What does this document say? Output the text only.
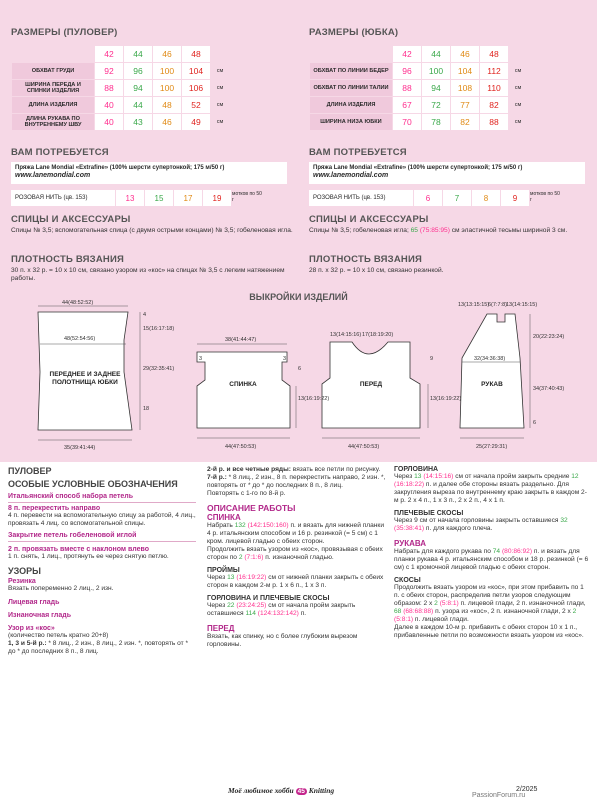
РАЗМЕРЫ (ПУЛОВЕР)	РАЗМЕРЫ (ЮБКА)
	42	44	46	48	
ОБХВАТ ГРУДИ	92	96	100	104	см
ШИРИНА ПЕРЕДА И СПИНКИ ИЗДЕЛИЯ	88	94	100	106	см
ДЛИНА ИЗДЕЛИЯ	40	44	48	52	см
ДЛИНА РУКАВА ПО ВНУТРЕННЕМУ ШВУ	40	43	46	49	см
	42	44	46	48	
ОБХВАТ ПО ЛИНИИ БЕДЕР	96	100	104	112	см
ОБХВАТ ПО ЛИНИИ ТАЛИИ	88	94	108	110	см
ДЛИНА ИЗДЕЛИЯ	67	72	77	82	см
ШИРИНА НИЗА ЮБКИ	70	78	82	88	см
ВАМ ПОТРЕБУЕТСЯ	ВАМ ПОТРЕБУЕТСЯ
Пряжа Lane Mondial «Extrafine» (100% шерсти супертонкой; 175 м/50 г)
www.lanemondial.com
РОЗОВАЯ НИТЬ (цв. 153)	13	15	17	19	мотков по 50 г
Пряжа Lane Mondial «Extrafine» (100% шерсти супертонкой; 175 м/50 г)
www.lanemondial.com
РОЗОВАЯ НИТЬ (цв. 153)	6	7	8	9	мотков по 50 г
СПИЦЫ И АКСЕССУАРЫ	СПИЦЫ И АКСЕССУАРЫ
Спицы № 3,5; вспомогательная спица (с двумя острыми концами) № 3,5; гобеленовая игла.	Спицы № 3,5; гобеленовая игла; 65 (75:85:95) см эластичной тесьмы шириной 3 см.
ПЛОТНОСТЬ ВЯЗАНИЯ	ПЛОТНОСТЬ ВЯЗАНИЯ
30 п. х 32 р. = 10 х 10 см, связано узором из «кос» на спицах № 3,5 с легким натяжением работы.
28 п. х 32 р. = 10 х 10 см, связано резинкой.
ВЫКРОЙКИ ИЗДЕЛИЙ
44(48:52:52)
48(52:54:56)
35(39:41:44)
4
15(16:17:18)
29(32:35:41)
18
38(41:44:47)
44(47:50:53)
3	3
13(16:19:22)
6
13(14:15:16) 17(18:19:20)
44(47:50:53)
13(16:19:22)
9
13(13:15:15)
6(7:7:8) 13(14:15:15)
32(34:36:38)
25(27:29:31)
20(22:23:24)
34(37:40:43)
6
ПЕРЕДНЕЕ И ЗАДНЕЕ
ПОЛОТНИЩА ЮБКИ	СПИНКА	ПЕРЕД	РУКАВ
ПУЛОВЕР
ОСОБЫЕ УСЛОВНЫЕ ОБОЗНАЧЕНИЯ
Итальянский способ набора петель
8 п. перекрестить направо

4 п. перевести на вспомогательную спицу за работой, 4 лиц., провязать 4 лиц. со вспомогательной спицы.

Закрытие петель гобеленовой иглой
2 п. провязать вместе с наклоном влево

1 п. снять, 1 лиц., протянуть ее через снятую петлю.

УЗОРЫ
Резинка

Вязать попеременно 2 лиц., 2 изн.

Лицевая гладь
Изнаночная гладь
Узор из «кос»

(количество петель кратно 20+8)

1, 3 и 5-й р.: * 8 лиц., 2 изн., 8 лиц., 2 изн. *, повторять от * до * до последних 8 п., 8 лиц.

2-й р. и все четные ряды: вязать все петли по рисунку.

7-й р.: * 8 лиц., 2 изн., 8 п. перекрестить направо, 2 изн. *, повторять от * до * до последних 8 п., 8 лиц.

Повторять с 1-го по 8-й р.

ОПИСАНИЕ РАБОТЫ
СПИНКА

Набрать 132 (142:150:160) п. и вязать для нижней планки 4 р. итальянским способом и 16 р. резинкой (= 5 см) с 1 кром. лицевой гладью с обеих сторон.

Продолжить вязать узором из «кос», провязывая с обеих сторон по 2 (7:1:6) п. изнаночной гладью.

ПРОЙМЫ

Через 13 (16:19:22) см от нижней планки закрыть с обеих сторон в каждом 2-м р. 1 х 6 п., 1 х 3 п.

ГОРЛОВИНА И ПЛЕЧЕВЫЕ СКОСЫ

Через 22 (23:24:25) см от начала пройм закрыть оставшиеся 114 (124:132:142) п.

ПЕРЕД

Вязать, как спинку, но с более глубоким вырезом горловины.

ГОРЛОВИНА

Через 13 (14:15:16) см от начала пройм закрыть средние 12 (16:18:22) п. и далее обе стороны вязать раздельно. Для закругления выреза по внутреннему краю закрыть в каждом 2-м р. 2 х 4 п., 1 х 3 п., 2 х 2 п., 4 х 1 п.

ПЛЕЧЕВЫЕ СКОСЫ

Через 9 см от начала горловины закрыть оставшиеся 32 (35:38:41) п. для каждого плеча.

РУКАВА

Набрать для каждого рукава по 74 (80:86:92) п. и вязать для планки рукава 4 р. итальянским способом и 18 р. резинкой (= 6 см) с 1 кромочной лицевой гладью с обеих сторон.

СКОСЫ

Продолжить вязать узором из «кос», при этом прибавить по 1 п. с обеих сторон, распределив петли узоров следующим образом: 2 х 2 (5:8:1) п. лицевой глади, 2 п. изнаночной глади, 68 (68:68:88) п. узора из «кос», 2 п. изнаночной глади, 2 х 2 (5:8:1) п. лицевой глади.

Далее в каждом 10-м р. прибавить с обеих сторон 10 х 1 п., прибавленные петли по возможности вязать узором из «кос».

Моё любимое хобби 45 Knitting	2/2025
PassionForum.ru
